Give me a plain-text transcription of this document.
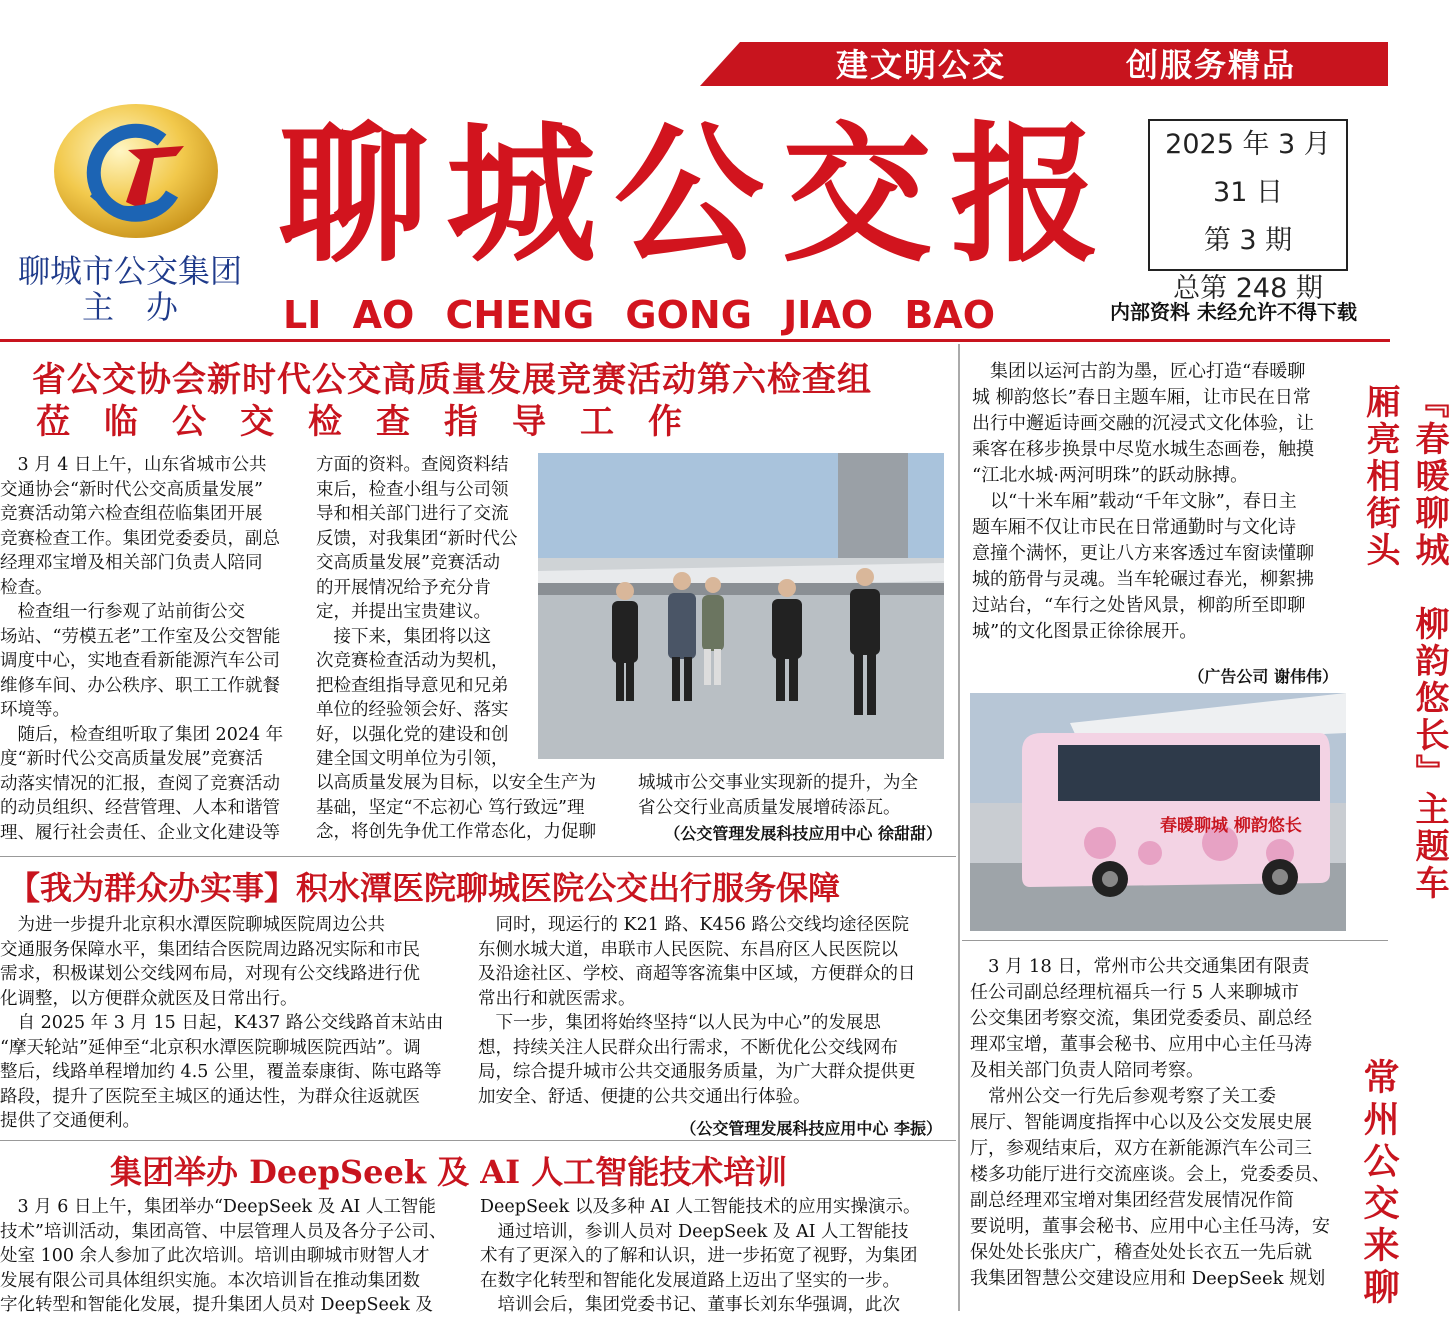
建文明公交	创服务精品
聊城市公交集团
主　办
聊城公交报
LI AO CHENG GONG JIAO BAO
2025 年 3 月 31 日
第 3 期
总第 248 期
内部资料 未经允许不得下载
省公交协会新时代公交高质量发展竞赛活动第六检查组
莅　临　公　交　检　查　指　导　工　作

　3 月 4 日上午，山东省城市公共

交通协会“新时代公交高质量发展”

竞赛活动第六检查组莅临集团开展

竞赛检查工作。集团党委委员，副总

经理邓宝增及相关部门负责人陪同

检查。

　检查组一行参观了站前街公交

场站、“劳模五老”工作室及公交智能

调度中心，实地查看新能源汽车公司

维修车间、办公秩序、职工工作就餐

环境等。

　随后，检查组听取了集团 2024 年

度“新时代公交高质量发展”竞赛活

动落实情况的汇报，查阅了竞赛活动

的动员组织、经营管理、人本和谐管

理、履行社会责任、企业文化建设等

方面的资料。查阅资料结

束后，检查小组与公司领

导和相关部门进行了交流

反馈，对我集团“新时代公

交高质量发展”竞赛活动

的开展情况给予充分肯

定，并提出宝贵建议。

　接下来，集团将以这

次竞赛检查活动为契机，

把检查组指导意见和兄弟

单位的经验领会好、落实

好，以强化党的建设和创

建全国文明单位为引领，

以高质量发展为目标，以安全生产为

基础，坚定“不忘初心 笃行致远”理

念，将创先争优工作常态化，力促聊

城城市公交事业实现新的提升，为全

省公交行业高质量发展增砖添瓦。

（公交管理发展科技应用中心 徐甜甜）
【我为群众办实事】积水潭医院聊城医院公交出行服务保障

　为进一步提升北京积水潭医院聊城医院周边公共

交通服务保障水平，集团结合医院周边路况实际和市民

需求，积极谋划公交线网布局，对现有公交线路进行优

化调整，以方便群众就医及日常出行。

　自 2025 年 3 月 15 日起，K437 路公交线路首末站由

“摩天轮站”延伸至“北京积水潭医院聊城医院西站”。调

整后，线路单程增加约 4.5 公里，覆盖泰康街、陈屯路等

路段，提升了医院至主城区的通达性，为群众往返就医

提供了交通便利。

　同时，现运行的 K21 路、K456 路公交线均途径医院

东侧水城大道，串联市人民医院、东昌府区人民医院以

及沿途社区、学校、商超等客流集中区域，方便群众的日

常出行和就医需求。

　下一步，集团将始终坚持“以人民为中心”的发展思

想，持续关注人民群众出行需求，不断优化公交线网布

局，综合提升城市公共交通服务质量，为广大群众提供更

加安全、舒适、便捷的公共交通出行体验。

（公交管理发展科技应用中心 李振）
集团举办 DeepSeek 及 AI 人工智能技术培训

　3 月 6 日上午，集团举办“DeepSeek 及 AI 人工智能

技术”培训活动，集团高管、中层管理人员及各分子公司、

处室 100 余人参加了此次培训。培训由聊城市财智人才

发展有限公司具体组织实施。本次培训旨在推动集团数

字化转型和智能化发展，提升集团人员对 DeepSeek 及

DeepSeek 以及多种 AI 人工智能技术的应用实操演示。

　通过培训，参训人员对 DeepSeek 及 AI 人工智能技

术有了更深入的了解和认识，进一步拓宽了视野，为集团

在数字化转型和智能化发展道路上迈出了坚实的一步。

　培训会后，集团党委书记、董事长刘东华强调，此次

　集团以运河古韵为墨，匠心打造“春暖聊

城 柳韵悠长”春日主题车厢，让市民在日常

出行中邂逅诗画交融的沉浸式文化体验，让

乘客在移步换景中尽览水城生态画卷，触摸

“江北水城·两河明珠”的跃动脉搏。

　以“十米车厢”载动“千年文脉”，春日主

题车厢不仅让市民在日常通勤时与文化诗

意撞个满怀，更让八方来客透过车窗读懂聊

城的筋骨与灵魂。当车轮碾过春光，柳絮拂

过站台，“车行之处皆风景，柳韵所至即聊

城”的文化图景正徐徐展开。

（广告公司 谢伟伟）	『春暖聊城　柳韵悠长』主题车厢亮相街头
春暖聊城 柳韵悠长

　3 月 18 日，常州市公共交通集团有限责

任公司副总经理杭福兵一行 5 人来聊城市

公交集团考察交流，集团党委委员、副总经

理邓宝增，董事会秘书、应用中心主任马涛

及相关部门负责人陪同考察。

　常州公交一行先后参观考察了关工委

展厅、智能调度指挥中心以及公交发展史展

厅，参观结束后，双方在新能源汽车公司三

楼多功能厅进行交流座谈。会上，党委委员、

副总经理邓宝增对集团经营发展情况作简

要说明，董事会秘书、应用中心主任马涛，安

保处处长张庆广，稽查处处长衣五一先后就

我集团智慧公交建设应用和 DeepSeek 规划 常州公交来聊
